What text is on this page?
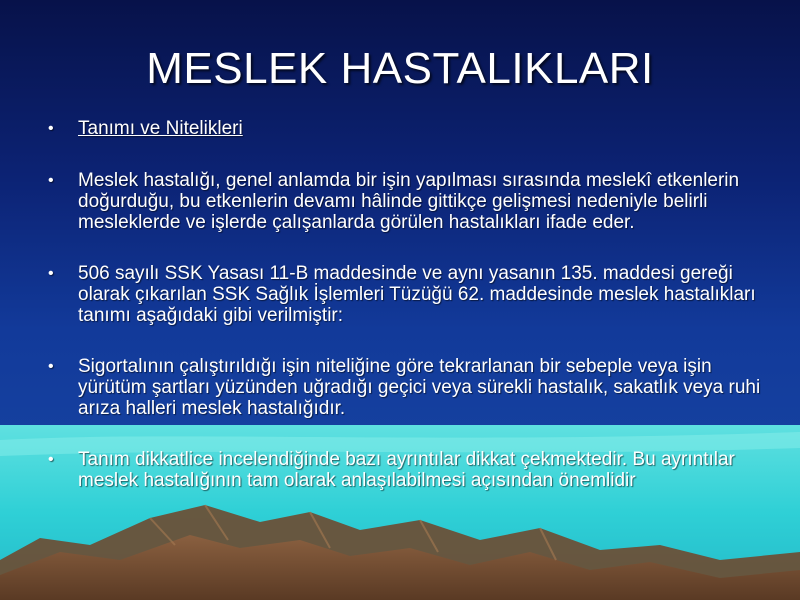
MESLEK HASTALIKLARI
• Tanımı ve Nitelikleri
• Meslek hastalığı, genel anlamda bir işin yapılması sırasında meslekî etkenlerin doğurduğu, bu etkenlerin devamı hâlinde gittikçe gelişmesi nedeniyle belirli mesleklerde ve işlerde çalışanlarda görülen hastalıkları ifade eder.
• 506 sayılı SSK Yasası 11-B maddesinde ve aynı yasanın 135. maddesi gereği olarak çıkarılan SSK Sağlık İşlemleri Tüzüğü 62. maddesinde meslek hastalıkları tanımı aşağıdaki gibi verilmiştir:
• Sigortalının çalıştırıldığı işin niteliğine göre tekrarlanan bir sebeple veya işin yürütüm şartları yüzünden uğradığı geçici veya sürekli hastalık, sakatlık veya ruhi arıza halleri meslek hastalığıdır.
• Tanım dikkatlice incelendiğinde bazı ayrıntılar dikkat çekmektedir. Bu ayrıntılar meslek hastalığının tam olarak anlaşılabilmesi açısından önemlidir
